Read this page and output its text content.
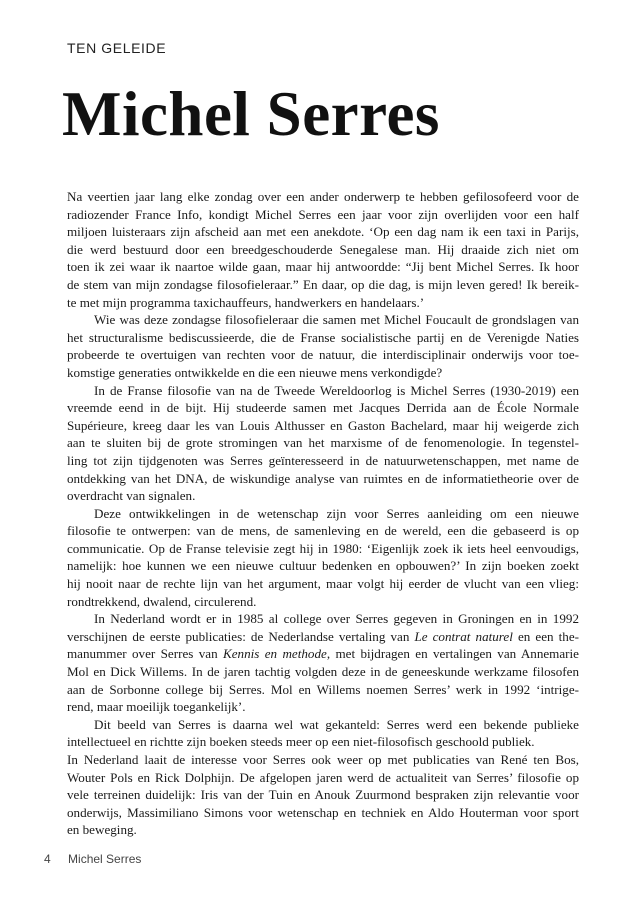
TEN GELEIDE
Michel Serres
Na veertien jaar lang elke zondag over een ander onderwerp te hebben gefilosofeerd voor de
radiozender France Info, kondigt Michel Serres een jaar voor zijn overlijden voor een half
miljoen luisteraars zijn afscheid aan met een anekdote. ‘Op een dag nam ik een taxi in Parijs,
die werd bestuurd door een breedgeschouderde Senegalese man. Hij draaide zich niet om
toen ik zei waar ik naartoe wilde gaan, maar hij antwoordde: “Jij bent Michel Serres. Ik hoor
de stem van mijn zondagse filosofieleraar.” En daar, op die dag, is mijn leven gered! Ik bereik-
te met mijn programma taxichauffeurs, handwerkers en handelaars.’
Wie was deze zondagse filosofieleraar die samen met Michel Foucault de grondslagen van
het structuralisme bediscussieerde, die de Franse socialistische partij en de Verenigde Naties
probeerde te overtuigen van rechten voor de natuur, die interdisciplinair onderwijs voor toe-
komstige generaties ontwikkelde en die een nieuwe mens verkondigde?
In de Franse filosofie van na de Tweede Wereldoorlog is Michel Serres (1930-2019) een
vreemde eend in de bijt. Hij studeerde samen met Jacques Derrida aan de École Normale
Supérieure, kreeg daar les van Louis Althusser en Gaston Bachelard, maar hij weigerde zich
aan te sluiten bij de grote stromingen van het marxisme of de fenomenologie. In tegenstel-
ling tot zijn tijdgenoten was Serres geïnteresseerd in de natuurwetenschappen, met name de
ontdekking van het DNA, de wiskundige analyse van ruimtes en de informatietheorie over de
overdracht van signalen.
Deze ontwikkelingen in de wetenschap zijn voor Serres aanleiding om een nieuwe
filosofie te ontwerpen: van de mens, de samenleving en de wereld, een die gebaseerd is op
communicatie. Op de Franse televisie zegt hij in 1980: ‘Eigenlijk zoek ik iets heel eenvoudigs,
namelijk: hoe kunnen we een nieuwe cultuur bedenken en opbouwen?’ In zijn boeken zoekt
hij nooit naar de rechte lijn van het argument, maar volgt hij eerder de vlucht van een vlieg:
rondtrekkend, dwalend, circulerend.
In Nederland wordt er in 1985 al college over Serres gegeven in Groningen en in 1992
verschijnen de eerste publicaties: de Nederlandse vertaling van Le contrat naturel en een the-
manummer over Serres van Kennis en methode, met bijdragen en vertalingen van Annemarie
Mol en Dick Willems. In de jaren tachtig volgden deze in de geneeskunde werkzame filosofen
aan de Sorbonne college bij Serres. Mol en Willems noemen Serres’ werk in 1992 ‘intrige-
rend, maar moeilijk toegankelijk’.
Dit beeld van Serres is daarna wel wat gekanteld: Serres werd een bekende publieke
intellectueel en richtte zijn boeken steeds meer op een niet-filosofisch geschoold publiek.
In Nederland laait de interesse voor Serres ook weer op met publicaties van René ten Bos,
Wouter Pols en Rick Dolphijn. De afgelopen jaren werd de actualiteit van Serres’ filosofie op
vele terreinen duidelijk: Iris van der Tuin en Anouk Zuurmond bespraken zijn relevantie voor
onderwijs, Massimiliano Simons voor wetenschap en techniek en Aldo Houterman voor sport
en beweging.
4 Michel Serres
